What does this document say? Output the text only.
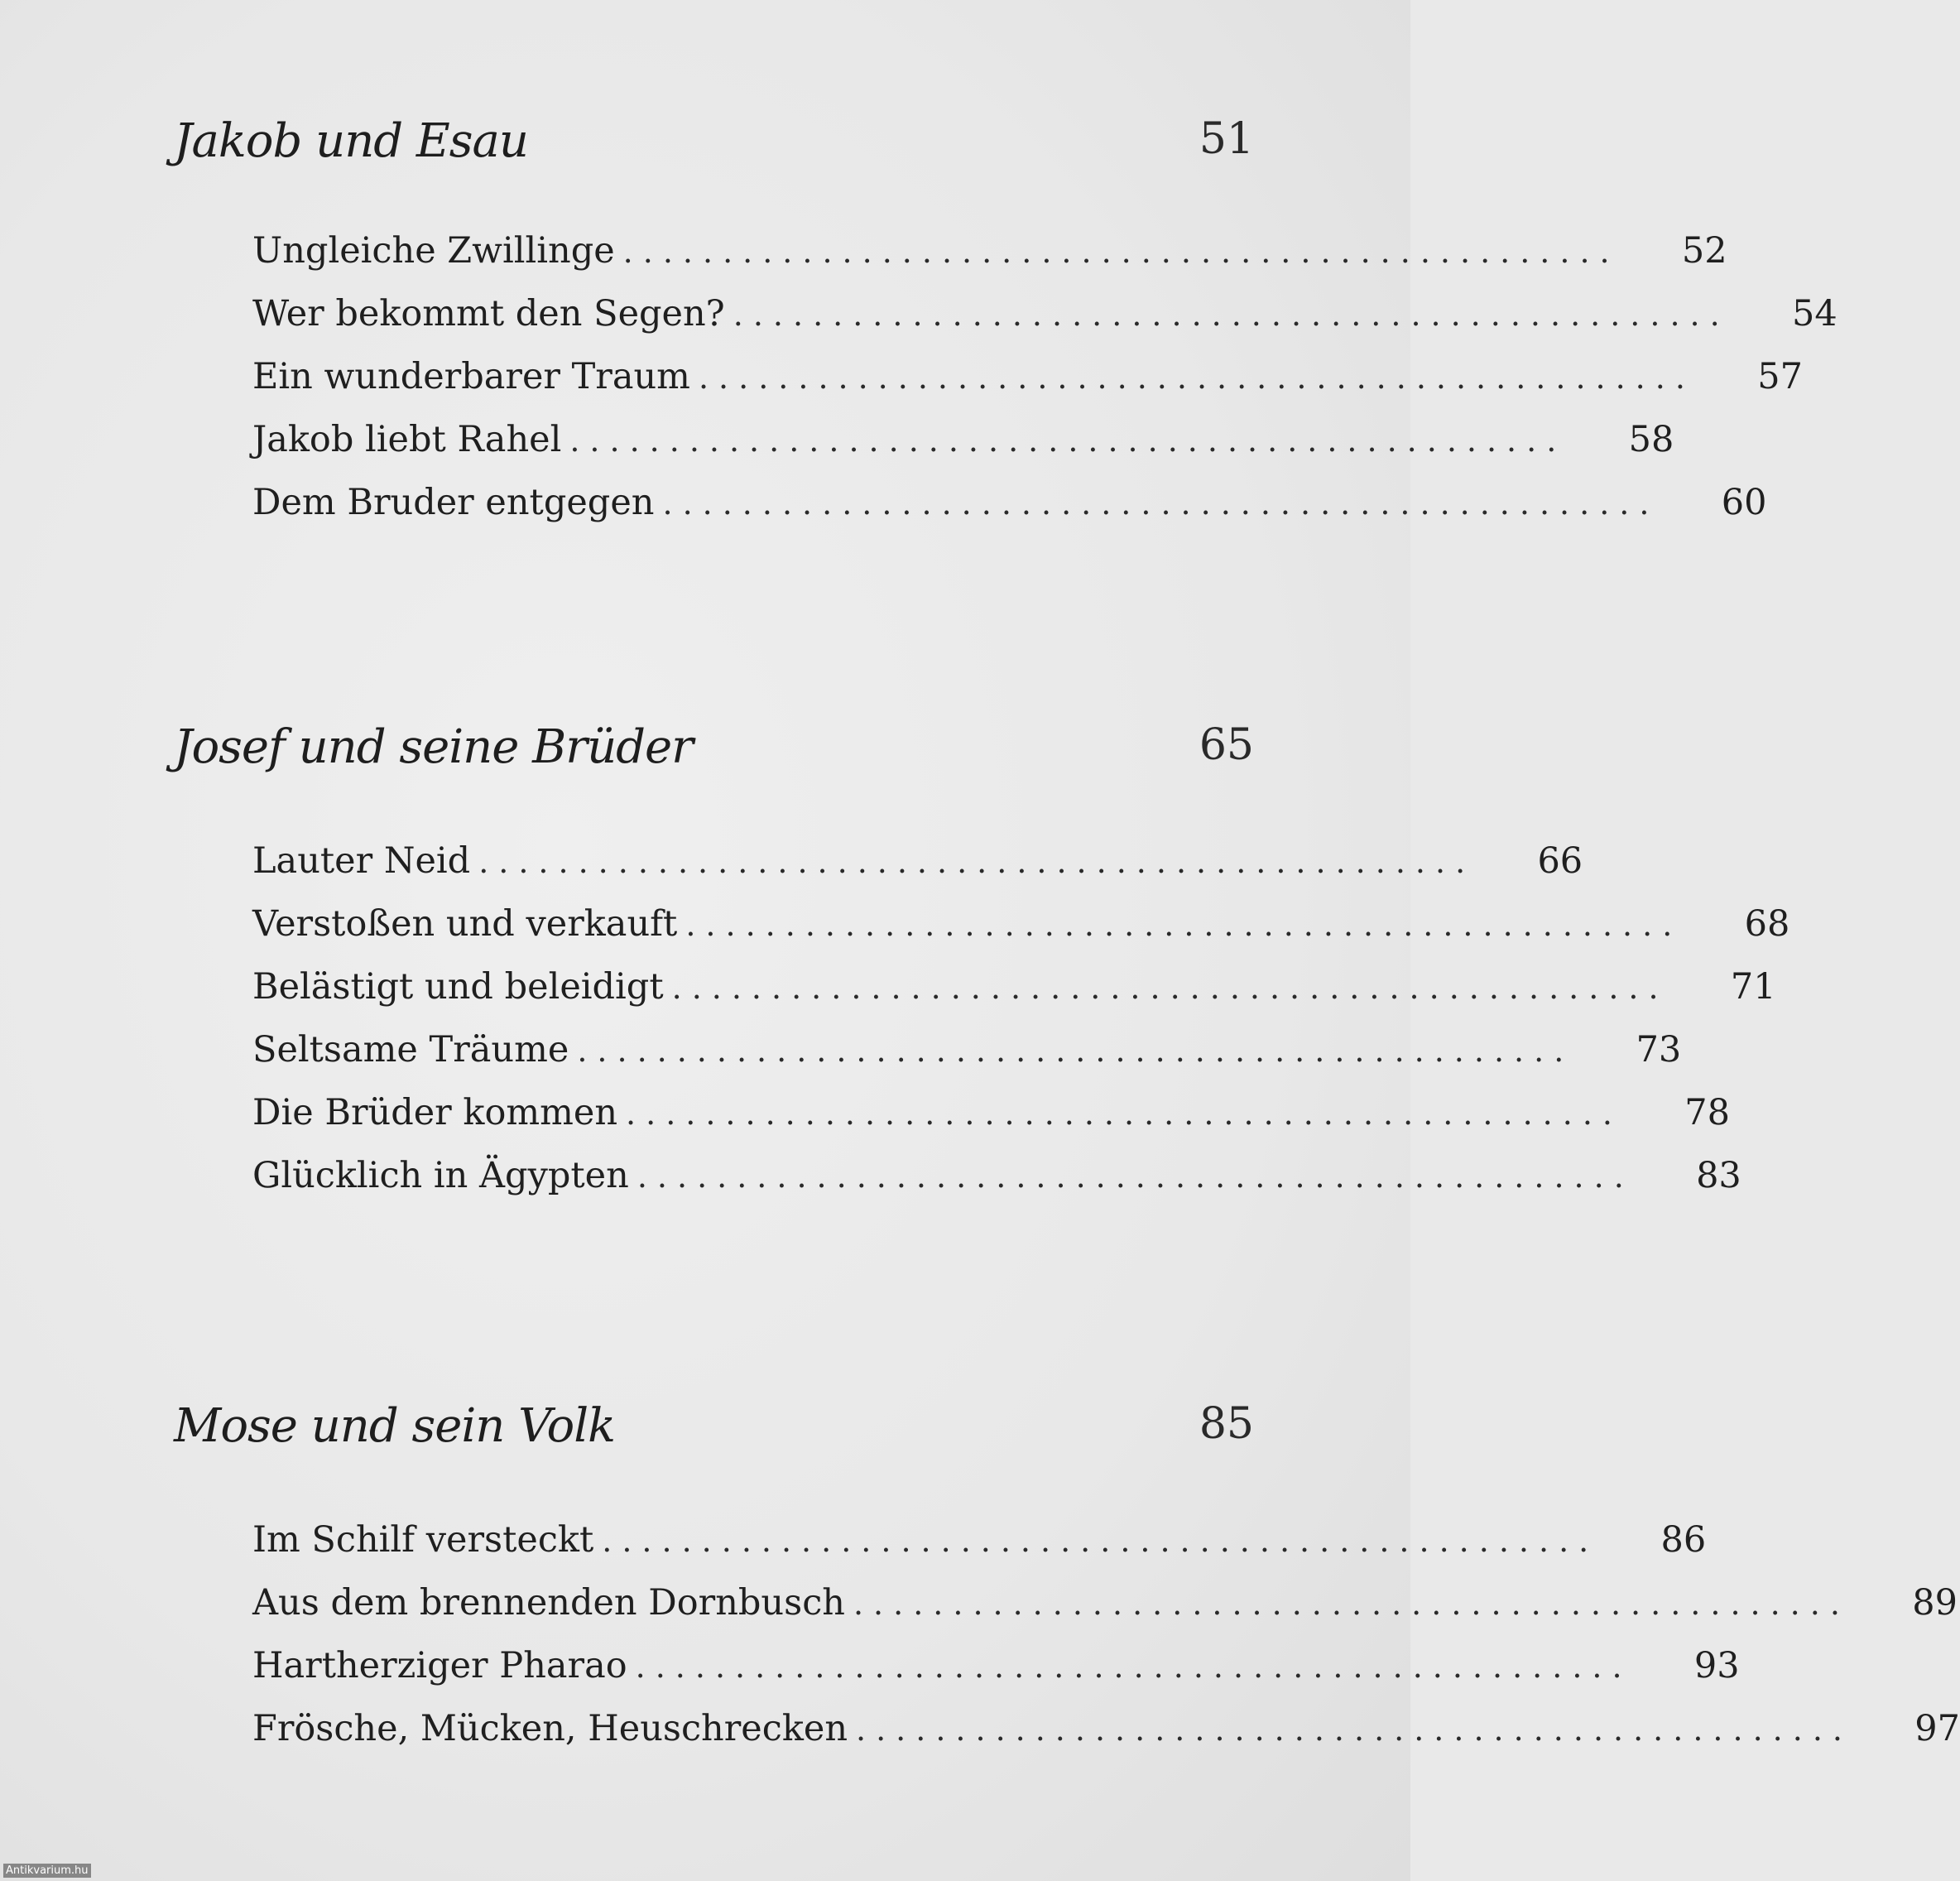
Jakob und Esau	51
Ungleiche Zwillinge ..................................................	52
Wer bekommt den Segen? ..................................................	54
Ein wunderbarer Traum ..................................................	57
Jakob liebt Rahel ..................................................	58
Dem Bruder entgegen ..................................................	60
Josef und seine Brüder	65
Lauter Neid ..................................................	66
Verstoßen und verkauft ..................................................	68
Belästigt und beleidigt ..................................................	71
Seltsame Träume ..................................................	73
Die Brüder kommen ..................................................	78
Glücklich in Ägypten ..................................................	83
Mose und sein Volk	85
Im Schilf versteckt ..................................................	86
Aus dem brennenden Dornbusch ..................................................	89
Hartherziger Pharao ..................................................	93
Frösche, Mücken, Heuschrecken ..................................................	97
Antikvarium.hu
